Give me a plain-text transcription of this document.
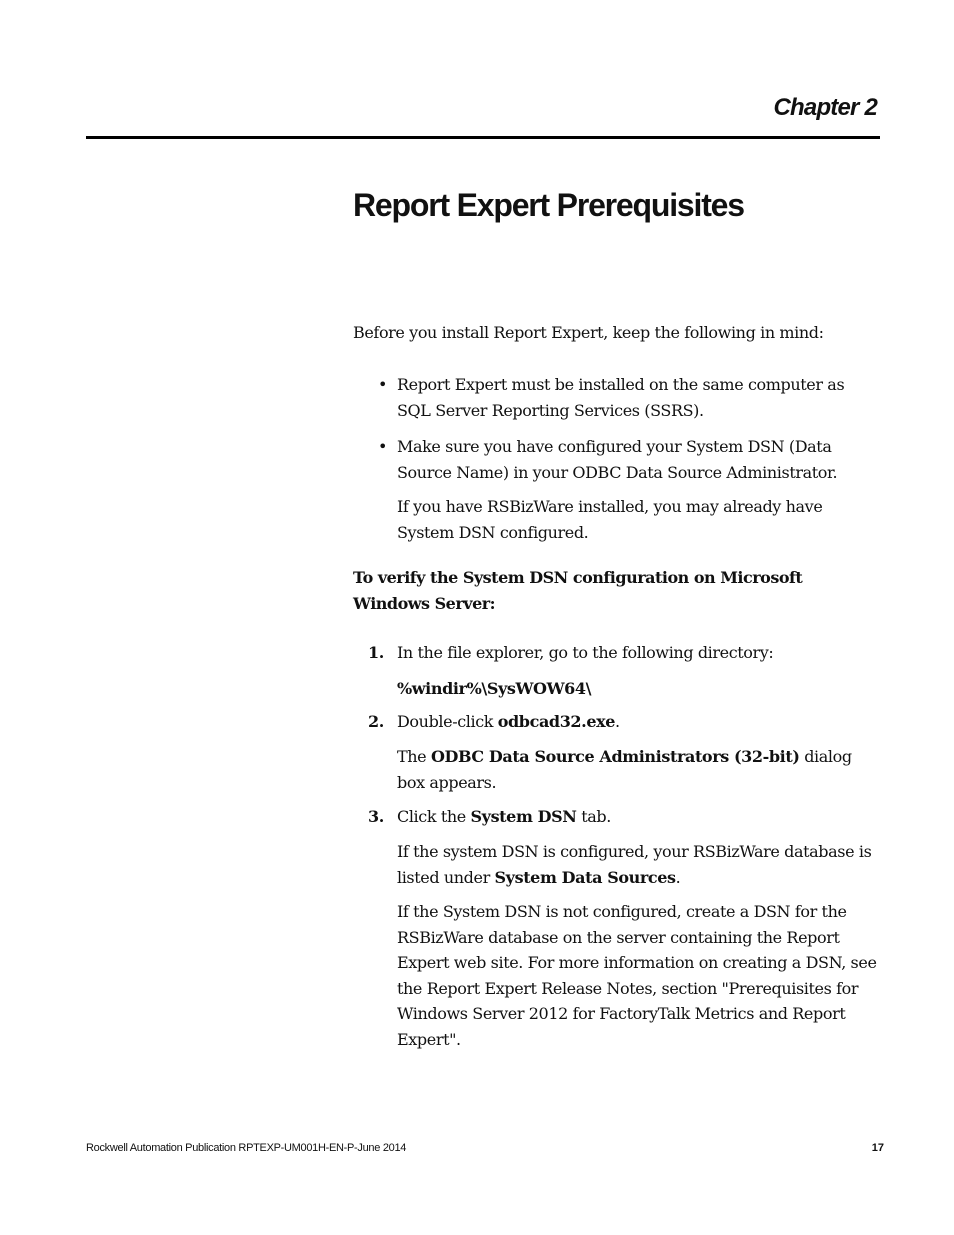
Chapter 2
Report Expert Prerequisites
Before you install Report Expert, keep the following in mind:
• Report Expert must be installed on the same computer as SQL Server Reporting Services (SSRS).
• Make sure you have configured your System DSN (Data Source Name) in your ODBC Data Source Administrator.
If you have RSBizWare installed, you may already have System DSN configured.
To verify the System DSN configuration on Microsoft Windows Server:
1. In the file explorer, go to the following directory:
%windir%\SysWOW64\
2. Double-click odbcad32.exe.
The ODBC Data Source Administrators (32-bit) dialog box appears.
3. Click the System DSN tab.
If the system DSN is configured, your RSBizWare database is listed under System Data Sources.
If the System DSN is not configured, create a DSN for the RSBizWare database on the server containing the Report Expert web site. For more information on creating a DSN, see the Report Expert Release Notes, section "Prerequisites for Windows Server 2012 for FactoryTalk Metrics and Report Expert".
Rockwell Automation Publication RPTEXP-UM001H-EN-P-June 2014	17
